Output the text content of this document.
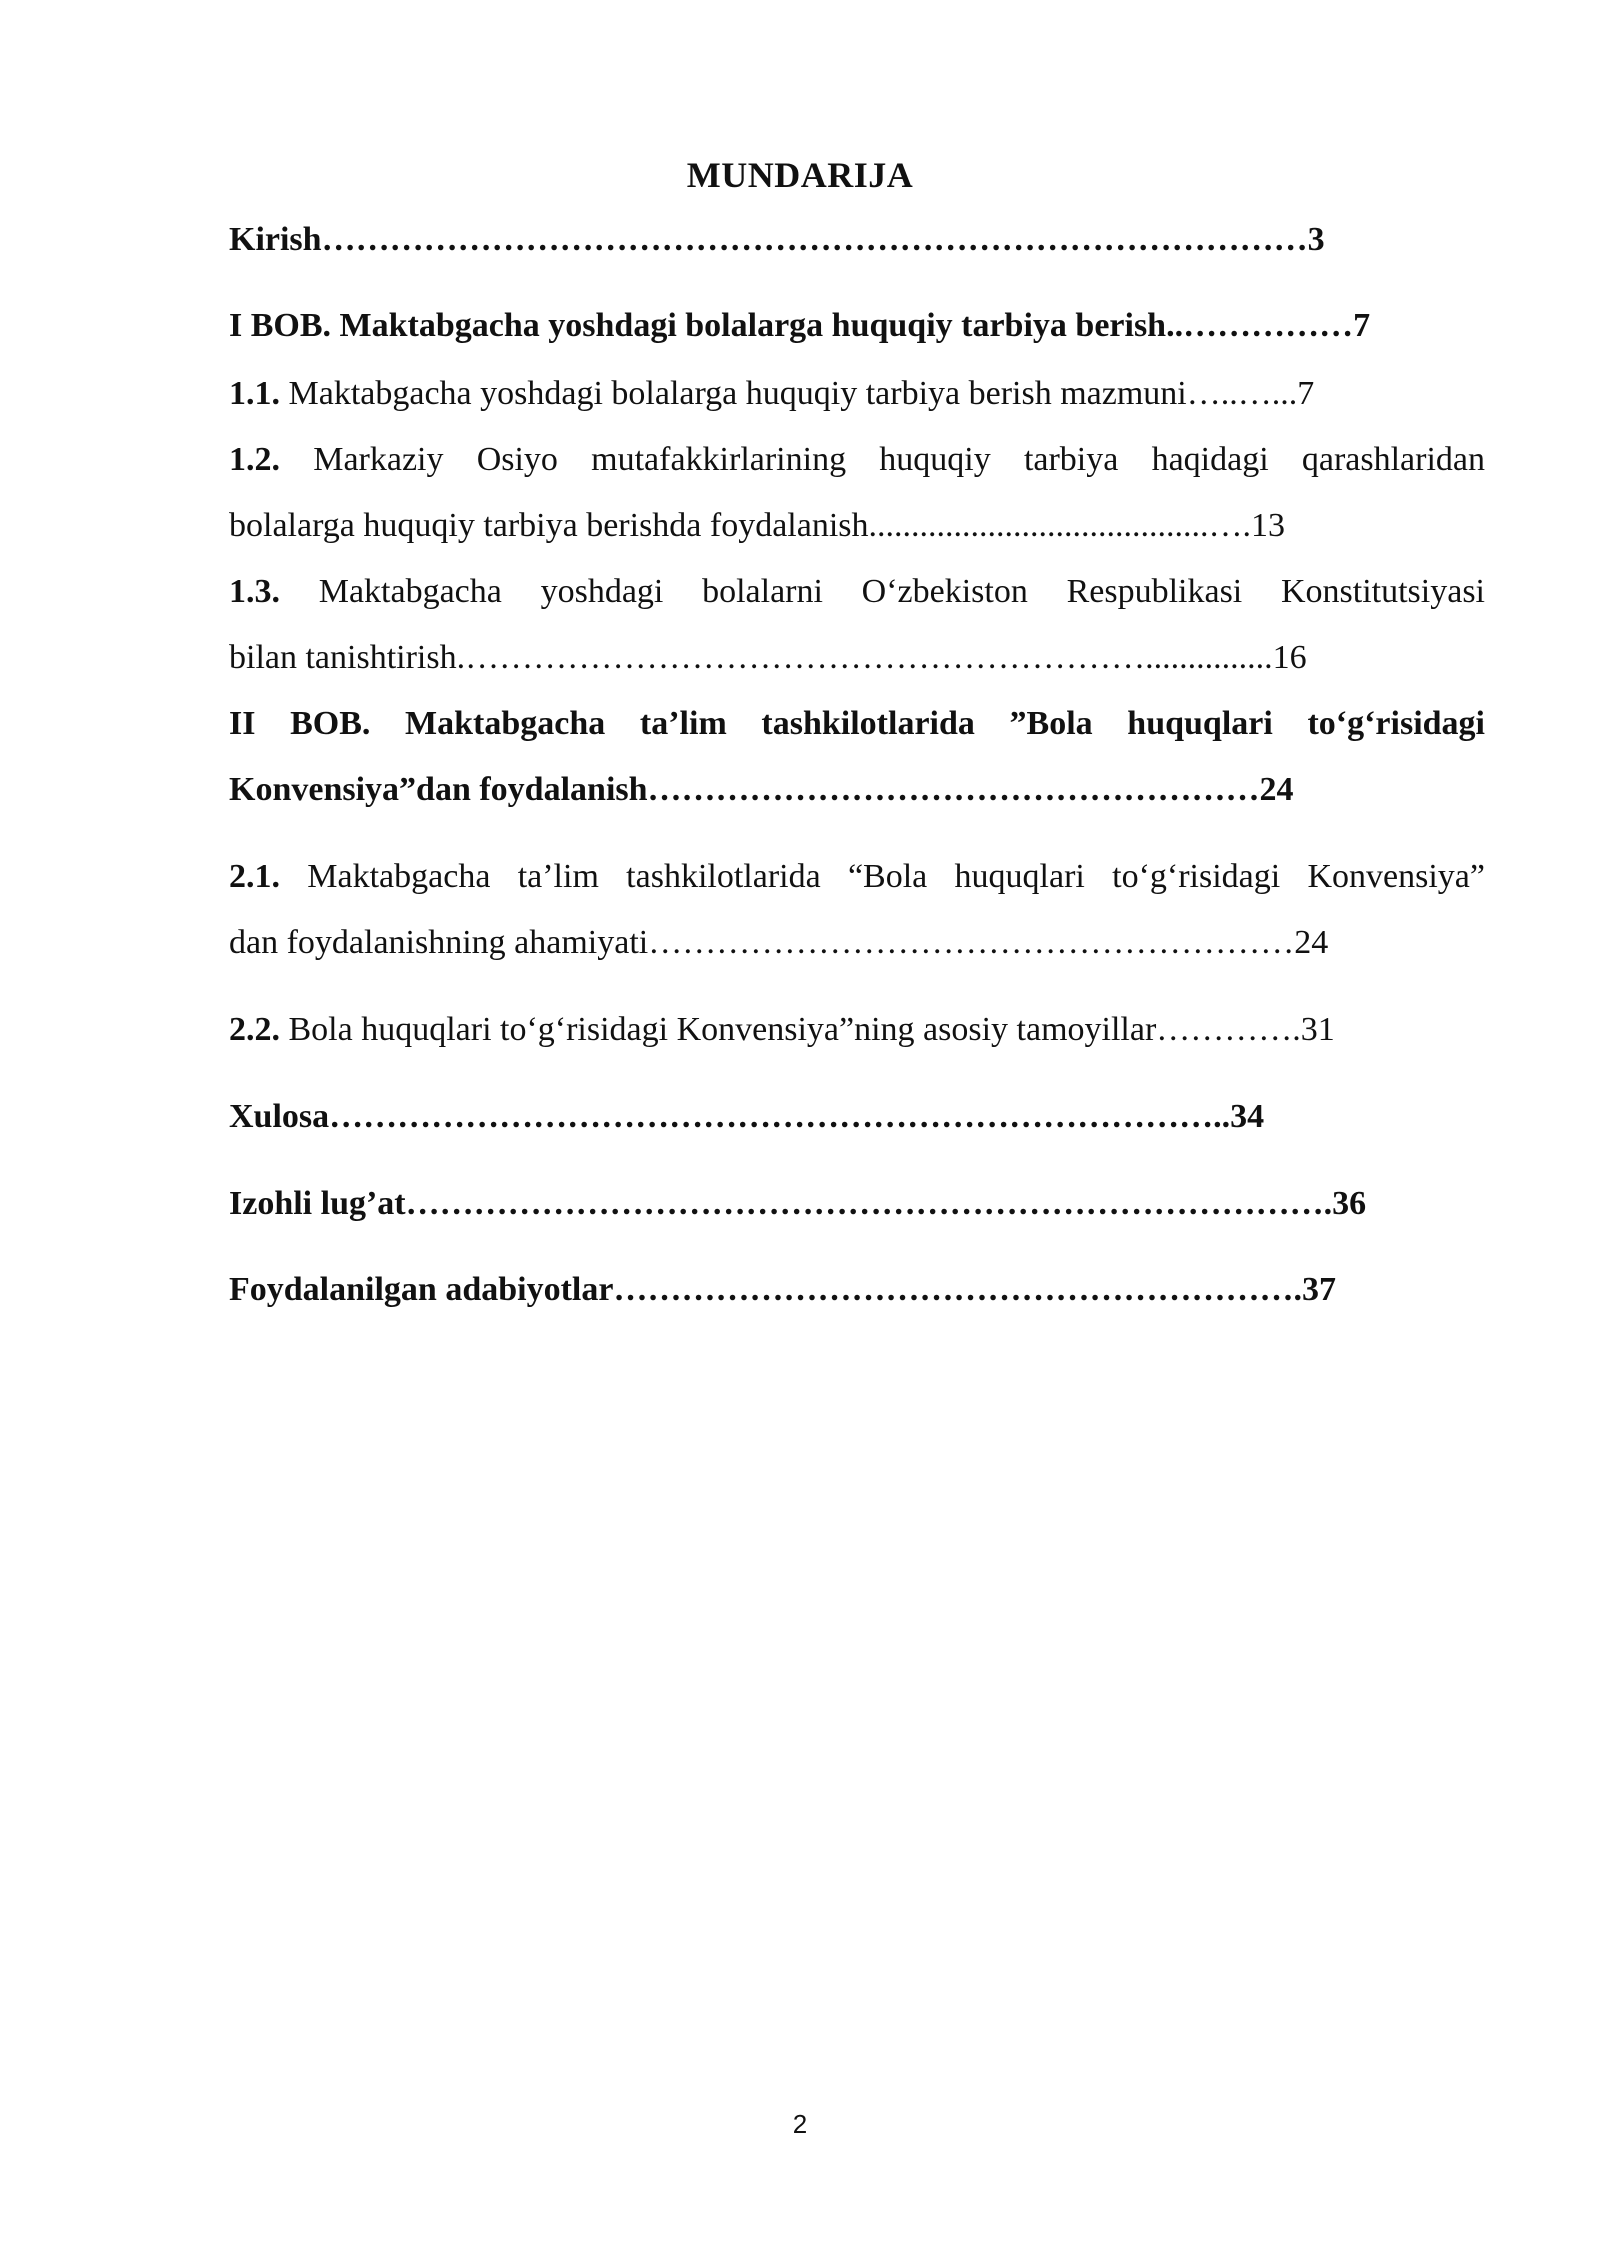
MUNDARIJA
Kirish……………………………………………………………………………3
I BOB. Maktabgacha yoshdagi bolalarga huquqiy tarbiya berish..……………7
1.1. Maktabgacha yoshdagi bolalarga huquqiy tarbiya berish mazmuni…..…...7
1.2. Markaziy Osiyo mutafakkirlarining huquqiy tarbiya haqidagi qarashlaridan
bolalarga huquqiy tarbiya berishda foydalanish........................................….13
1.3. Maktabgacha yoshdagi bolalarni O‘zbekiston Respublikasi Konstitutsiyasi
bilan tanishtirish.……………………………………………………...............16
II BOB. Maktabgacha ta’lim tashkilotlarida ”Bola huquqlari to‘g‘risidagi
Konvensiya”dan foydalanish………………………………………………24
2.1. Maktabgacha ta’lim tashkilotlarida “Bola huquqlari to‘g‘risidagi Konvensiya”
dan foydalanishning ahamiyati…………………………………………………24
2.2. Bola huquqlari to‘g‘risidagi Konvensiya”ning asosiy tamoyillar………….31
Xulosa……………………………………………………………………..34
Izohli lug’at……………………………………………………………………….36
Foydalanilgan adabiyotlar…………………………………………………….37
2
